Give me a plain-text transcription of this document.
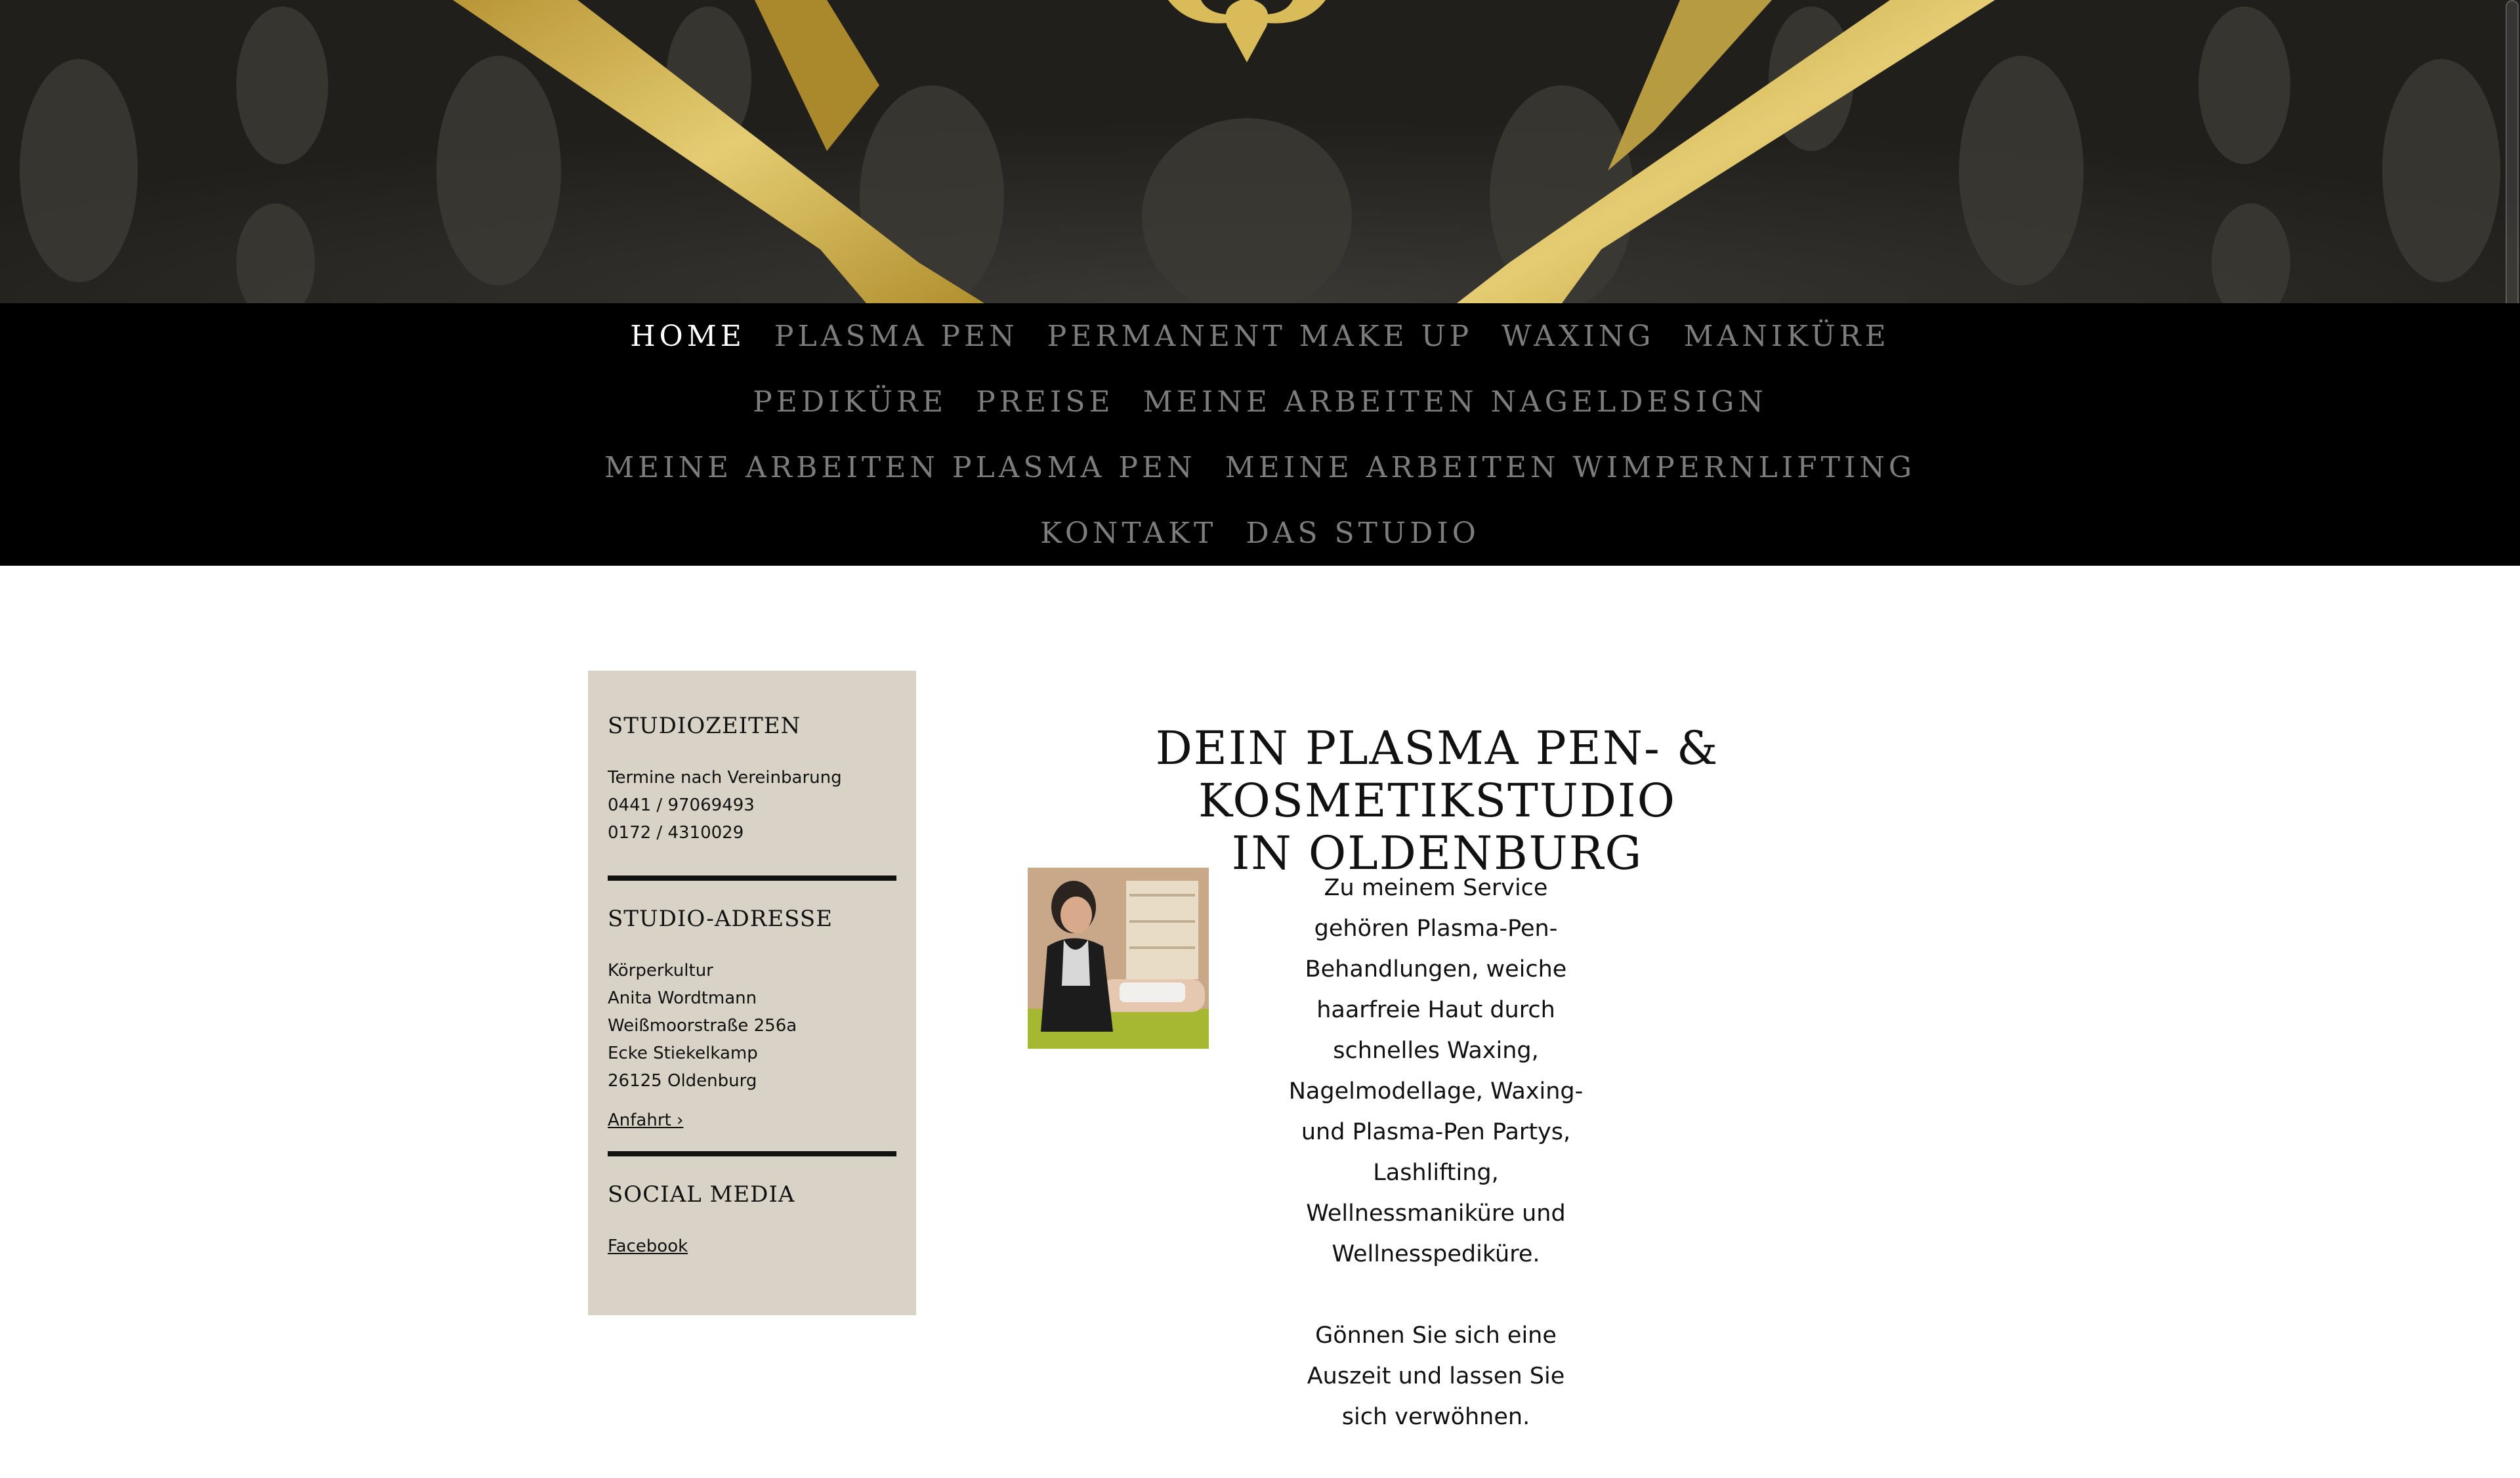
HOME PLASMA PEN PERMANENT MAKE UP WAXING MANIKÜRE
PEDIKÜRE PREISE MEINE ARBEITEN NAGELDESIGN
MEINE ARBEITEN PLASMA PEN MEINE ARBEITEN WIMPERNLIFTING
KONTAKT DAS STUDIO
STUDIOZEITEN
Termine nach Vereinbarung
0441 / 97069493
0172 / 4310029
STUDIO-ADRESSE
Körperkultur
Anita Wordtmann
Weißmoorstraße 256a
Ecke Stiekelkamp
26125 Oldenburg
Anfahrt ›
SOCIAL MEDIA
Facebook
DEIN PLASMA PEN- & KOSMETIKSTUDIO
IN OLDENBURG

Zu meinem Service
gehören Plasma-Pen-
Behandlungen, weiche
haarfreie Haut durch
schnelles Waxing,
Nagelmodellage, Waxing-
und Plasma-Pen Partys,
Lashlifting,
Wellnessmaniküre und
Wellnesspediküre.

Gönnen Sie sich eine
Auszeit und lassen Sie
sich verwöhnen.
